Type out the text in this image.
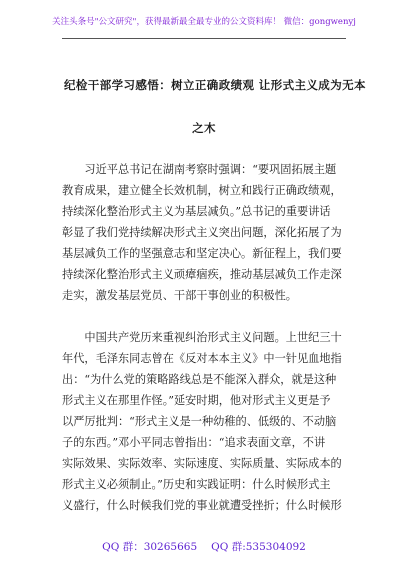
关注头条号"公文研究"，获得最新最全最专业的公文资料库！ 微信：gongwenyj
纪检干部学习感悟：树立正确政绩观 让形式主义成为无本
之木
　　习近平总书记在湖南考察时强调：“要巩固拓展主题
教育成果，建立健全长效机制，树立和践行正确政绩观，
持续深化整治形式主义为基层减负。”总书记的重要讲话
彰显了我们党持续解决形式主义突出问题，深化拓展了为
基层减负工作的坚强意志和坚定决心。新征程上，我们要
持续深化整治形式主义顽瘴痼疾，推动基层减负工作走深
走实，激发基层党员、干部干事创业的积极性。
　　中国共产党历来重视纠治形式主义问题。上世纪三十
年代，毛泽东同志曾在《反对本本主义》中一针见血地指
出：“为什么党的策略路线总是不能深入群众，就是这种
形式主义在那里作怪。”延安时期，他对形式主义更是予
以严厉批判：“形式主义是一种幼稚的、低级的、不动脑
子的东西。”邓小平同志曾指出：“追求表面文章，不讲
实际效果、实际效率、实际速度、实际质量、实际成本的
形式主义必须制止。”历史和实践证明：什么时候形式主
义盛行，什么时候我们党的事业就遭受挫折；什么时候形
QQ 群：30265665 QQ 群:535304092
